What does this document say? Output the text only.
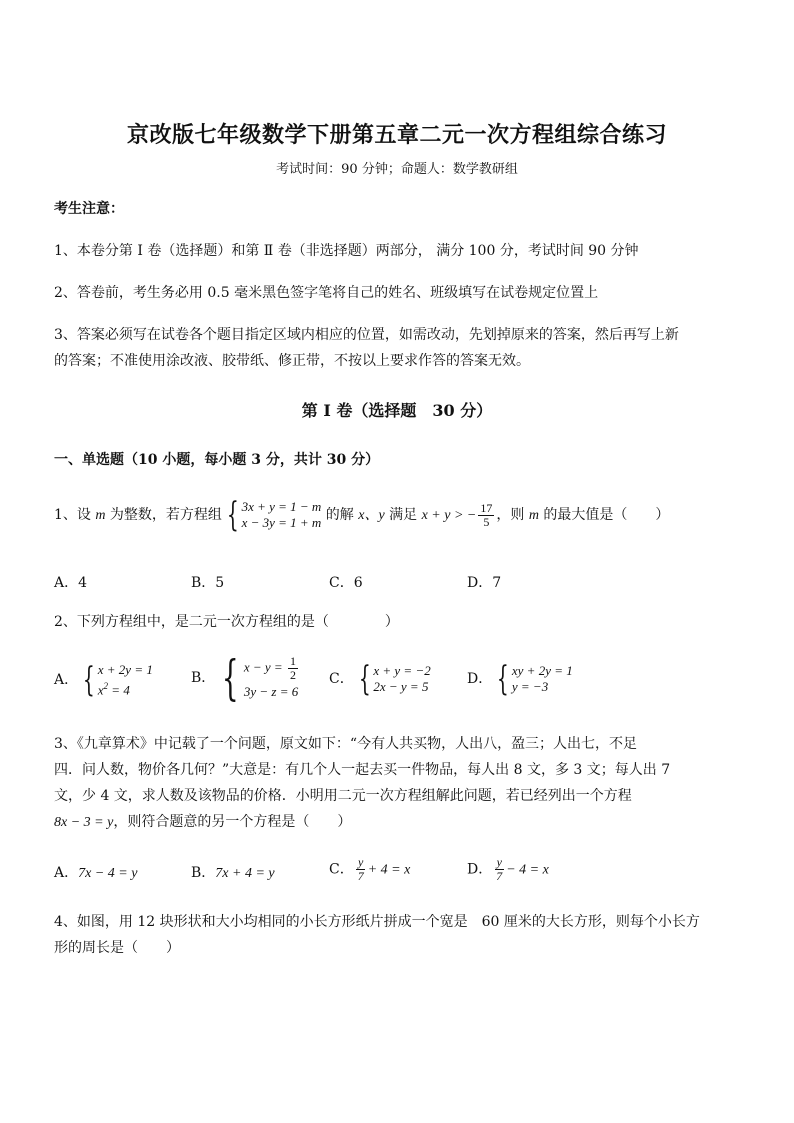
京改版七年级数学下册第五章二元一次方程组综合练习
考试时间：90 分钟；命题人：数学教研组
考生注意：
1、本卷分第 Ⅰ 卷（选择题）和第 Ⅱ 卷（非选择题）两部分， 满分 100 分，考试时间 90 分钟
2、答卷前，考生务必用 0.5 毫米黑色签字笔将自己的姓名、班级填写在试卷规定位置上
3、答案必须写在试卷各个题目指定区域内相应的位置，如需改动，先划掉原来的答案，然后再写上新
的答案；不准使用涂改液、胶带纸、修正带，不按以上要求作答的答案无效。
第 I 卷（选择题　30 分）
一、单选题（10 小题，每小题 3 分，共计 30 分）
1、设 m 为整数，若方程组 { 3x + y = 1 − m
x − 3y = 1 + m 的解 x、y 满足 x + y > − $\frac{17}{5}$ ，则 m 的最大值是（　　）
A．4	B．5	C．6	D．7
2、下列方程组中，是二元一次方程组的是（　　　　）
A． { x + 2y = 1
$x^2 = 4$
B． { $x - y = \frac{1}{2}$
3y − z = 6
C． { x + y = −2
2x − y = 5	D． { xy + 2y = 1
y = −3
3、《九章算术》中记载了一个问题，原文如下：“今有人共买物，人出八，盈三；人出七，不足
四．问人数，物价各几何？”大意是：有几个人一起去买一件物品，每人出 8 文，多 3 文；每人出 7
文，少 4 文，求人数及该物品的价格．小明用二元一次方程组解此问题，若已经列出一个方程
8x − 3 = y，则符合题意的另一个方程是（　　）
A．7x − 4 = y	B．7x + 4 = y	C． $\frac{y}{7} + 4 = x$	D． $\frac{y}{7} - 4 = x$
4、如图，用 12 块形状和大小均相同的小长方形纸片拼成一个宽是　60 厘米的大长方形，则每个小长方
形的周长是（　　）
